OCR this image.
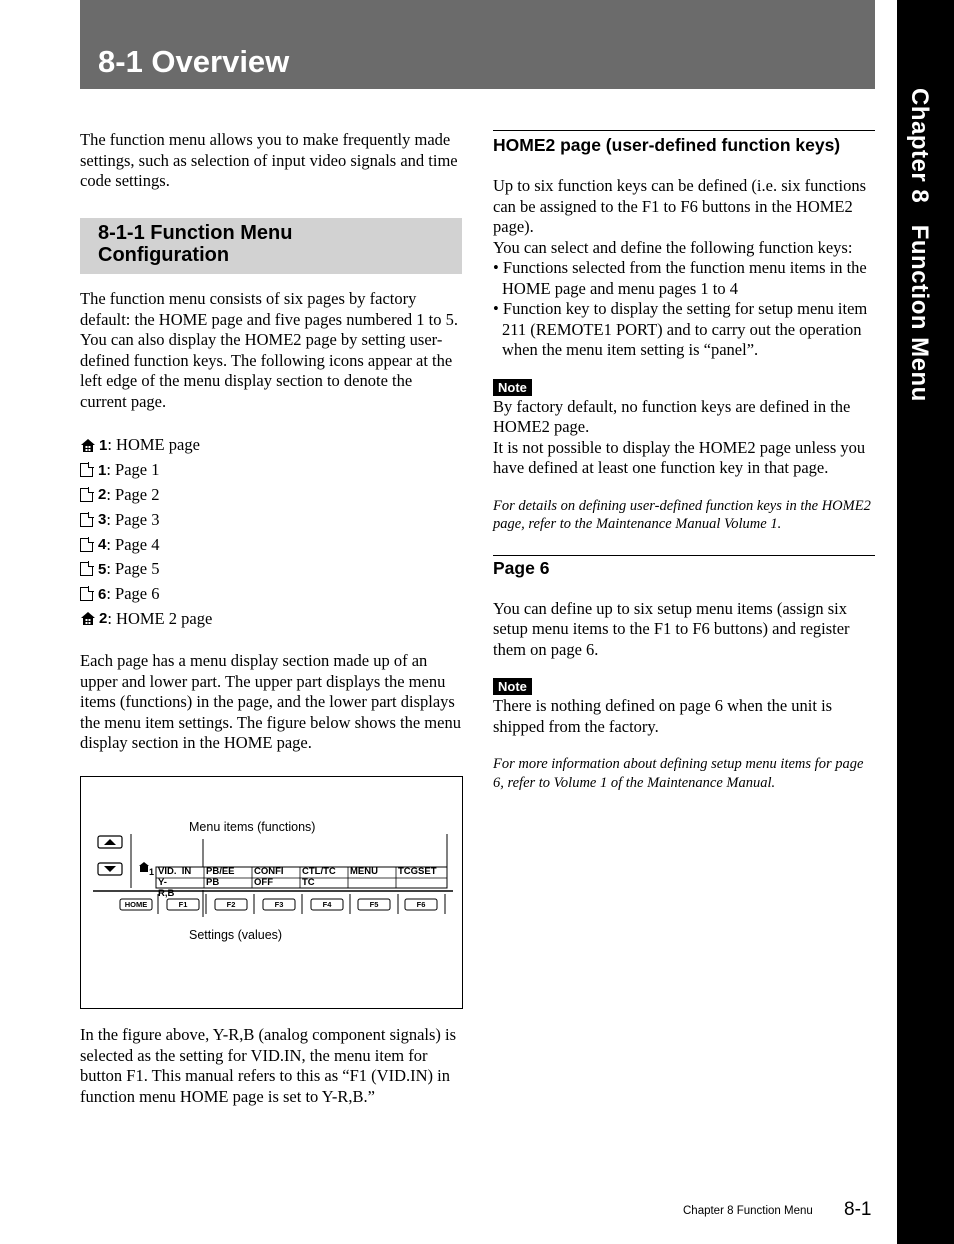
8-1 Overview
Chapter 8   Function Menu

The function menu allows you to make frequently made settings, such as selection of input video signals and time code settings.

8-1-1 Function Menu
Configuration

The function menu consists of six pages by factory default: the HOME page and five pages numbered 1 to 5. You can also display the HOME2 page by setting user-defined function keys. The following icons appear at the left edge of the menu display section to denote the current page.

1 : HOME page
1 : Page 1
2 : Page 2
3 : Page 3
4 : Page 4
5 : Page 5
6 : Page 6
2 : HOME 2 page

Each page has a menu display section made up of an upper and lower part. The upper part displays the menu items (functions) in the page, and the lower part displays the menu item settings. The figure below shows the menu display section in the HOME page.

Menu items (functions)
Settings (values)
1 VID.  IN	PB/EE	CONFI	CTL/TC	MENU	TCGSET
Y-R,B
PB	OFF	TC
HOME	F1	F2	F3	F4	F5	F6

In the figure above, Y-R,B (analog component signals) is selected as the setting for VID.IN, the menu item for button F1. This manual refers to this as “F1 (VID.IN) in function menu HOME page is set to Y-R,B.”

HOME2 page (user-defined function keys)

Up to six function keys can be defined (i.e. six functions can be assigned to the F1 to F6 buttons in the HOME2 page).

You can select and define the following function keys:

• Functions selected from the function menu items in the HOME page and menu pages 1 to 4

• Function key to display the setting for setup menu item 211 (REMOTE1 PORT) and to carry out the operation when the menu item setting is “panel”.

Note

By factory default, no function keys are defined in the HOME2 page.

It is not possible to display the HOME2 page unless you have defined at least one function key in that page.

For details on defining user-defined function keys in the HOME2 page, refer to the Maintenance Manual Volume 1.

Page 6

You can define up to six setup menu items (assign six setup menu items to the F1 to F6 buttons) and register them on page 6.

Note

There is nothing defined on page 6 when the unit is shipped from the factory.

For more information about defining setup menu items for page 6, refer to Volume 1 of the Maintenance Manual.

Chapter 8 Function Menu 8-1
